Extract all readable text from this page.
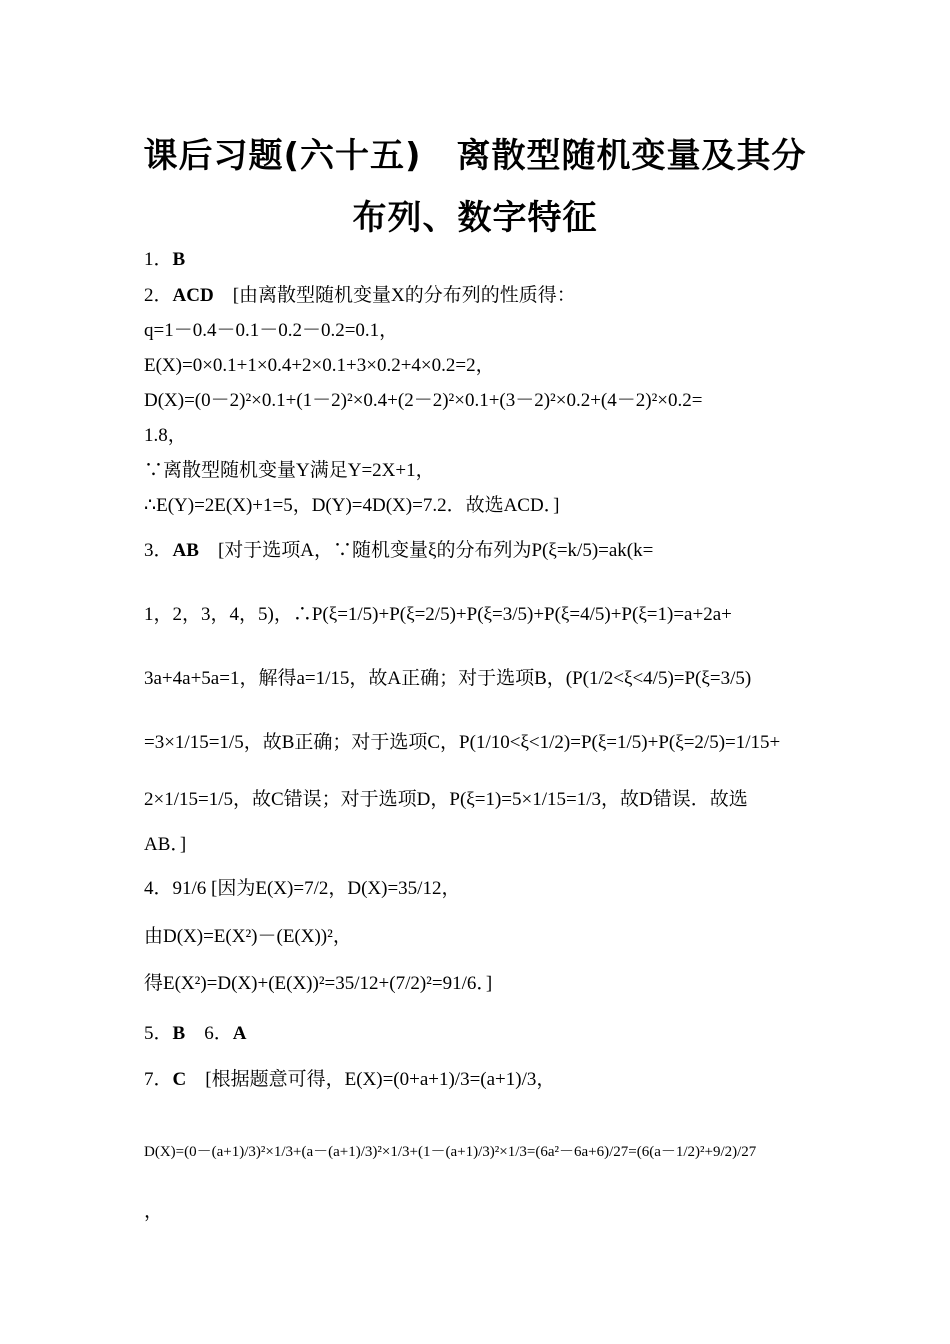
课后习题(六十五)　离散型随机变量及其分
布列、数字特征
1．B
2．ACD　 [由离散型随机变量X的分布列的性质得：
q=1－0.4－0.1－0.2－0.2=0.1，
E(X)=0×0.1+1×0.4+2×0.1+3×0.2+4×0.2=2，
D(X)=(0－2)²×0.1+(1－2)²×0.4+(2－2)²×0.1+(3－2)²×0.2+(4－2)²×0.2=
1.8，
∵离散型随机变量Y满足Y=2X+1，
∴E(Y)=2E(X)+1=5，D(Y)=4D(X)=7.2．故选ACD．]
3．AB　 [对于选项A，∵随机变量ξ的分布列为P(ξ=k/5)=ak(k=
1，2，3，4，5)，∴P(ξ=1/5)+P(ξ=2/5)+P(ξ=3/5)+P(ξ=4/5)+P(ξ=1)=a+2a+
3a+4a+5a=1，解得a=1/15，故A正确；对于选项B，(P(1/2<ξ<4/5)=P(ξ=3/5)
=3×1/15=1/5，故B正确；对于选项C，P(1/10<ξ<1/2)=P(ξ=1/5)+P(ξ=2/5)=1/15+
2×1/15=1/5，故C错误；对于选项D，P(ξ=1)=5×1/15=1/3，故D错误．故选
AB．]
4．91/6 [因为E(X)=7/2，D(X)=35/12，
由D(X)=E(X²)－(E(X))²，
得E(X²)=D(X)+(E(X))²=35/12+(7/2)²=91/6．]
5．B　 6．A
7．C　 [根据题意可得，E(X)=(0+a+1)/3=(a+1)/3，
D(X)=(0－(a+1)/3)²×1/3+(a－(a+1)/3)²×1/3+(1－(a+1)/3)²×1/3=(6a²－6a+6)/27=(6(a－1/2)²+9/2)/27
，
